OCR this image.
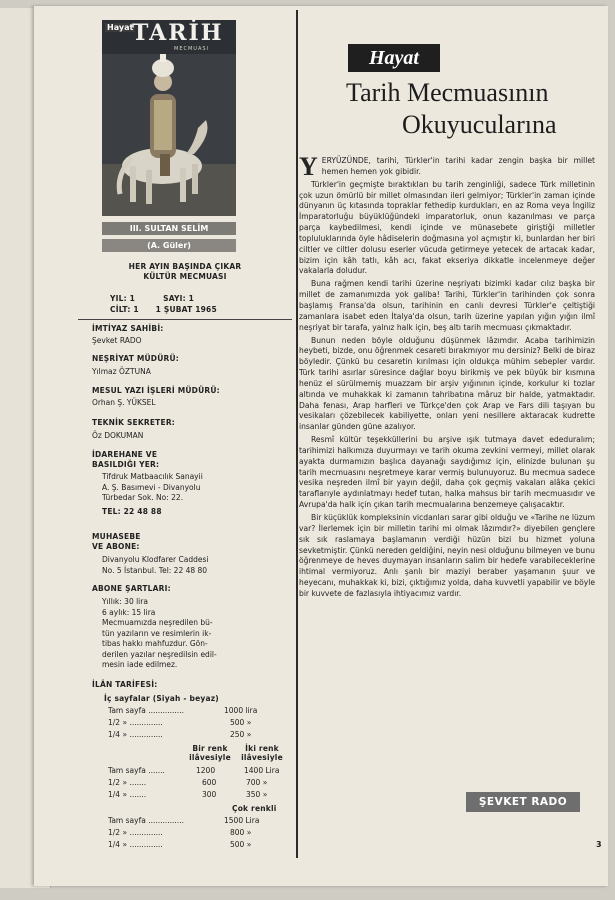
Hayat
TARİH
MECMUASI
III. SULTAN SELİM
(A. Güler)
HER AYIN BAŞINDA ÇIKAR
KÜLTÜR MECMUASI
YIL: 1          SAYI: 1
CİLT: 1      1 ŞUBAT 1965
İMTİYAZ SAHİBİ:
Şevket RADO
NEŞRİYAT MÜDÜRÜ:
Yılmaz ÖZTUNA
MESUL YAZI İŞLERİ MÜDÜRÜ:
Orhan Ş. YÜKSEL
TEKNİK SEKRETER:
Öz DOKUMAN
İDAREHANE VE
BASILDIĞI YER:
Tifdruk Matbaacılık Sanayii
A. Ş. Basımevi - Divanyolu
Türbedar Sok. No: 22.
TEL: 22 48 88
MUHASEBE
VE ABONE:
Divanyolu Klodfarer Caddesi
No. 5 İstanbul. Tel: 22 48 80
ABONE ŞARTLARI:
Yıllık: 30 lira
6 aylık: 15 lira
Mecmuamızda neşredilen bü-
tün yazıların ve resimlerin ik-
tibas hakkı mahfuzdur. Gön-
derilen yazılar neşredilsin edil-
mesin iade edilmez.
İLÂN TARİFESİ:
İç sayfalar (Siyah - beyaz)
Tam sayfa ...............	1000 lira
1/2 » ..............	500 »
1/4 » ..............	250 »
Bir renk
ilâvesiyle
İki renk
ilâvesiyle
Tam sayfa .......	1200	1400 Lira
1/2 » .......	600	700 »
1/4 » .......	300	350 »
Çok renkli
Tam sayfa ...............	1500 Lira
1/2 » ..............	800 »
1/4 » ..............	500 »
Hayat
Tarih Mecmuasının
Okuyucularına

YERYÜZÜNDE, tarihi, Türkler'in tarihi kadar zengin başka bir millet hemen hemen yok gibidir.

Türkler'in geçmişte bıraktıkları bu tarih zenginliği, sadece Türk milletinin çok uzun ömürlü bir millet olmasından ileri gelmiyor; Türkler'in zaman içinde dünyanın üç kıtasında topraklar fethedip kurdukları, en az Roma veya İngiliz İmparatorluğu büyüklüğündeki imparatorluk, onun kazanılması ve parça parça kaybedilmesi, kendi içinde ve münasebete giriştiği milletler topluluklarında öyle hâdiselerin doğmasına yol açmıştır ki, bunlardan her biri ciltler ve ciltler dolusu eserler vücuda getirmeye yetecek de artacak kadar, bizim için kâh tatlı, kâh acı, fakat ekseriya dikkatle incelenmeye değer vakalarla doludur.

Buna rağmen kendi tarihi üzerine neşriyatı bizimki kadar cılız başka bir millet de zamanımızda yok galiba! Tarihi, Türkler'in tarihinden çok sonra başlamış Fransa'da olsun, tarihinin en canlı devresi Türkler'e çeltiştiği zamanlara isabet eden İtalya'da olsun, tarih üzerine yapılan yığın yığın ilmî neşriyat bir tarafa, yalnız halk için, beş altı tarih mecmuası çıkmaktadır.

Bunun neden böyle olduğunu düşünmek lâzımdır. Acaba tarihimizin heybeti, bizde, onu öğrenmek cesareti bırakmıyor mu dersiniz? Belki de biraz böyledir. Çünkü bu cesaretin kırılması için oldukça mühim sebepler vardır. Türk tarihi asırlar süresince dağlar boyu birikmiş ve pek büyük bir kısmına henüz el sürülmemiş muazzam bir arşiv yığınının içinde, korkulur ki tozlar altında ve muhakkak ki zamanın tahribatına mâruz bir halde, yatmaktadır. Daha fenası, Arap harfleri ve Türkçe'den çok Arap ve Fars dili taşıyan bu vesikaları çözebilecek kabiliyette, onları yeni nesillere aktaracak kudrette insanlar günden güne azalıyor.

Resmî kültür teşekküllerini bu arşive ışık tutmaya davet ededuralım; tarihimizi halkımıza duyurmayı ve tarih okuma zevkini vermeyi, millet olarak ayakta durmamızın başlıca dayanağı saydığımız için, elinizde bulunan şu tarih mecmuasını neşretmeye karar vermiş bulunuyoruz. Bu mecmua sadece vesika neşreden ilmî bir yayın değil, daha çok geçmiş vakaları alâka çekici taraflarıyle aydınlatmayı hedef tutan, halka mahsus bir tarih mecmuasıdır ve Avrupa'da halk için çıkan tarih mecmualarına benzemeye çalışacaktır.

Bir küçüklük kompleksinin vicdanları sarar gibi olduğu ve «Tarihe ne lüzum var? İlerlemek için bir milletin tarihi mi olmak lâzımdır?» diyebilen gençlere sık sık raslamaya başlamanın verdiği hüzün bizi bu hizmet yoluna sevketmiştir. Çünkü nereden geldiğini, neyin nesi olduğunu bilmeyen ve bunu öğrenmeye de heves duymayan insanların salim bir hedefe varabileceklerine ihtimal vermiyoruz. Anlı şanlı bir maziyi beraber yaşamanın şuur ve heyecanı, muhakkak ki, bizi, çıktığımız yolda, daha kuvvetli yapabilir ve böyle bir kuvvete de fazlasıyla ihtiyacımız vardır.

ŞEVKET RADO
3
